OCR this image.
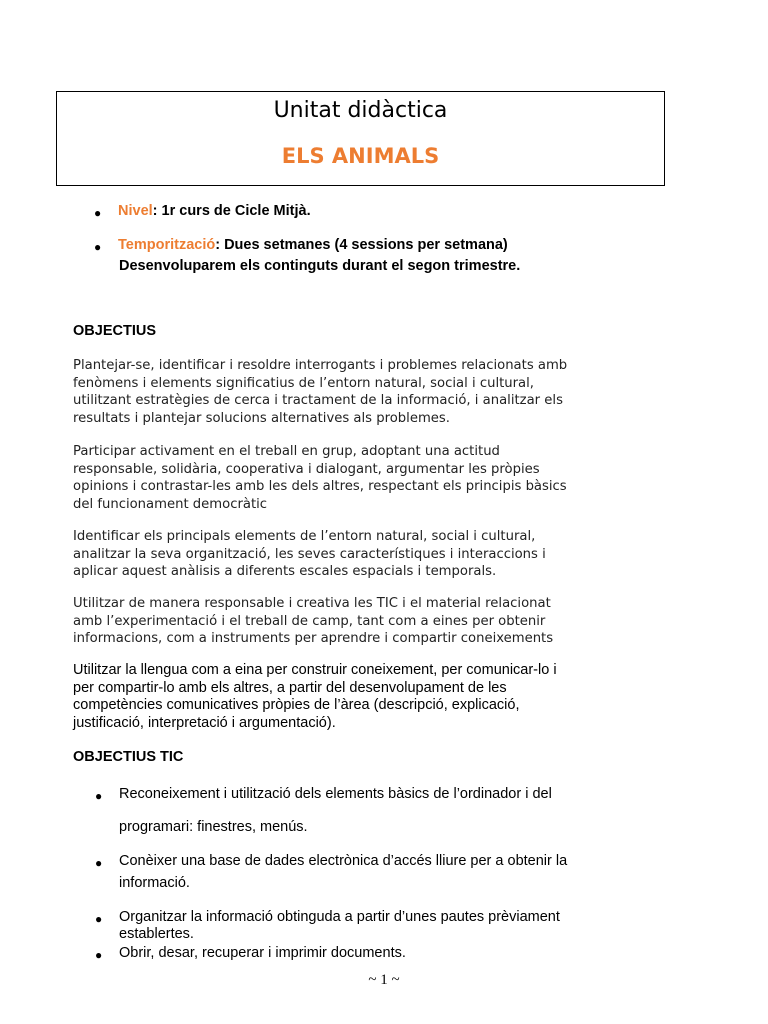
Unitat didàctica
ELS ANIMALS
● Nivel: 1r curs de Cicle Mitjà.
● Temporització: Dues setmanes (4 sessions per setmana)
Desenvoluparem els continguts durant el segon trimestre.
OBJECTIUS
Plantejar-se, identificar i resoldre interrogants i problemes relacionats amb
fenòmens i elements significatius de l’entorn natural, social i cultural,
utilitzant estratègies de cerca i tractament de la informació, i analitzar els
resultats i plantejar solucions alternatives als problemes.
Participar activament en el treball en grup, adoptant una actitud
responsable, solidària, cooperativa i dialogant, argumentar les pròpies
opinions i contrastar-les amb les dels altres, respectant els principis bàsics
del funcionament democràtic
Identificar els principals elements de l’entorn natural, social i cultural,
analitzar la seva organització, les seves característiques i interaccions i
aplicar aquest anàlisis a diferents escales espacials i temporals.
Utilitzar de manera responsable i creativa les TIC i el material relacionat
amb l’experimentació i el treball de camp, tant com a eines per obtenir
informacions, com a instruments per aprendre i compartir coneixements
Utilitzar la llengua com a eina per construir coneixement, per comunicar-lo i
per compartir-lo amb els altres, a partir del desenvolupament de les
competències comunicatives pròpies de l’àrea (descripció, explicació,
justificació, interpretació i argumentació).
OBJECTIUS TIC
● Reconeixement i utilització dels elements bàsics de l’ordinador i del
programari: finestres, menús.
● Conèixer una base de dades electrònica d’accés lliure per a obtenir la
informació.
● Organitzar la informació obtinguda a partir d’unes pautes prèviament
establertes.
● Obrir, desar, recuperar i imprimir documents.
~ 1 ~
